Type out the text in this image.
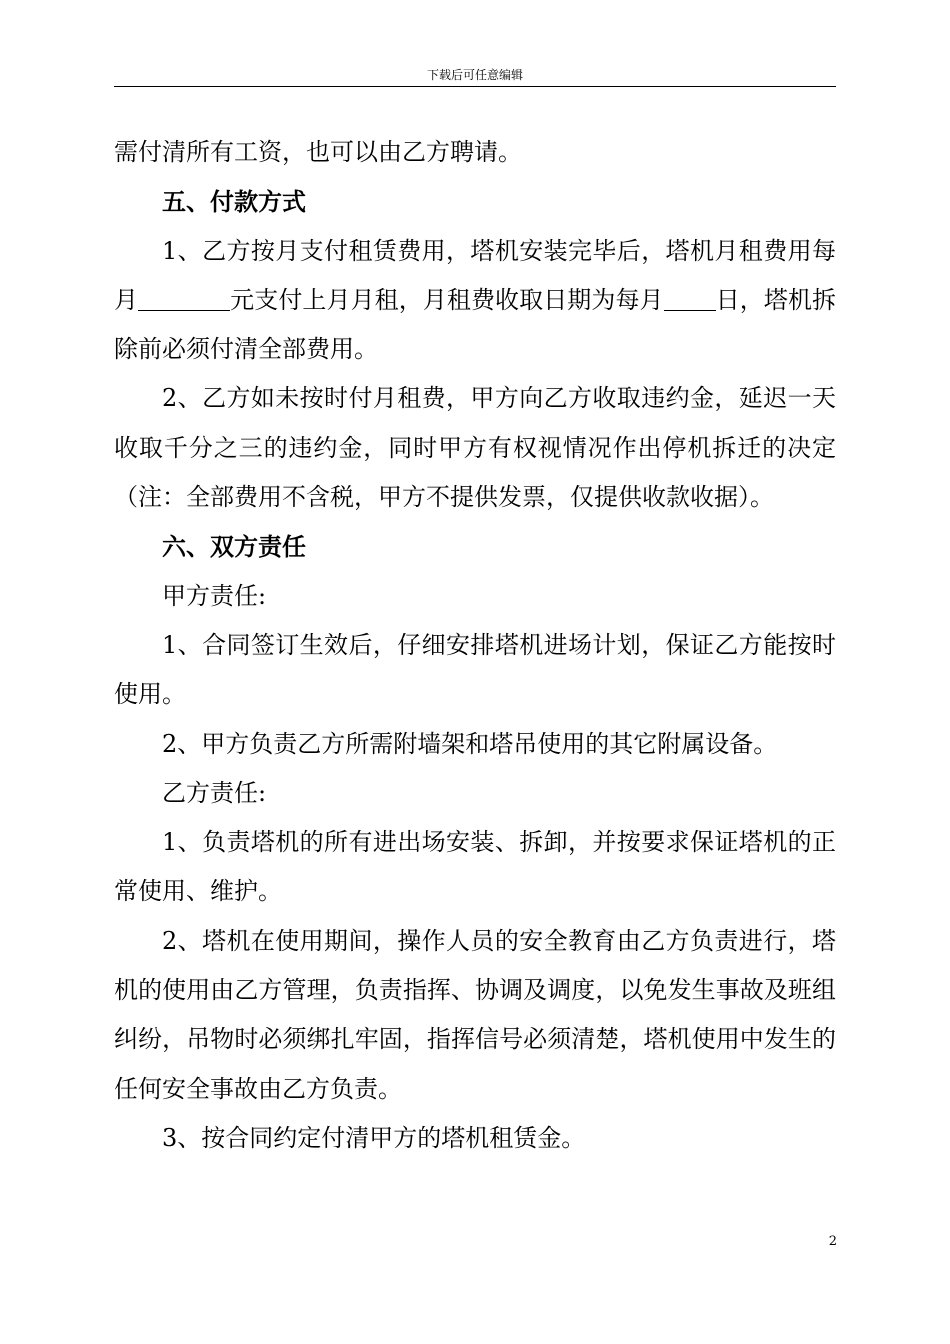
下载后可任意编辑

需付清所有工资，也可以由乙方聘请。

五、付款方式

1、乙方按月支付租赁费用，塔机安装完毕后，塔机月租费用每月	元支付上月月租，月租费收取日期为每月 日，塔机拆除前必须付清全部费用。

2、乙方如未按时付月租费，甲方向乙方收取违约金，延迟一天收取千分之三的违约金，同时甲方有权视情况作出停机拆迁的决定（注：全部费用不含税，甲方不提供发票，仅提供收款收据）。

六、双方责任

甲方责任:

1、合同签订生效后，仔细安排塔机进场计划，保证乙方能按时使用。

2、甲方负责乙方所需附墙架和塔吊使用的其它附属设备。

乙方责任:

1、负责塔机的所有进出场安装、拆卸，并按要求保证塔机的正常使用、维护。

2、塔机在使用期间，操作人员的安全教育由乙方负责进行，塔机的使用由乙方管理，负责指挥、协调及调度，以免发生事故及班组纠纷，吊物时必须绑扎牢固，指挥信号必须清楚，塔机使用中发生的任何安全事故由乙方负责。

3、按合同约定付清甲方的塔机租赁金。

2
